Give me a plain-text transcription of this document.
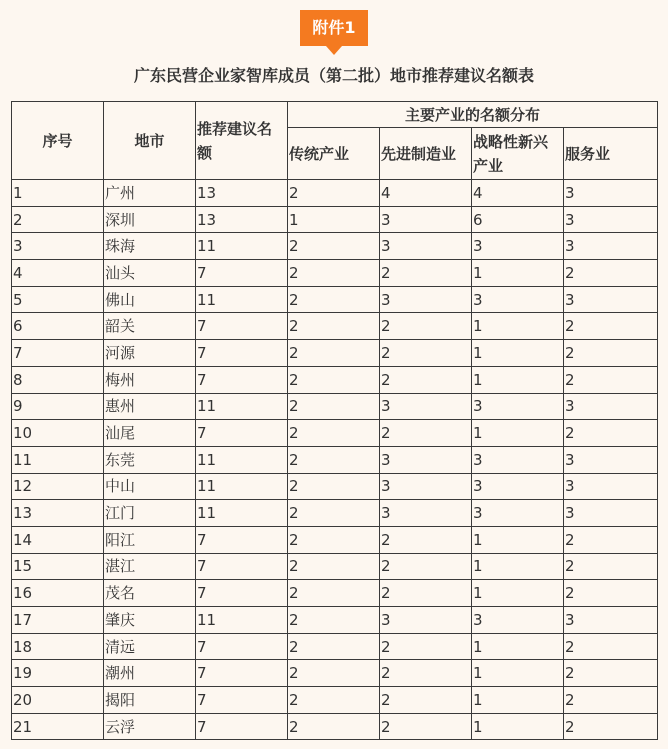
附件1
广东民营企业家智库成员（第二批）地市推荐建议名额表
序号	地市	推荐建议名额	主要产业的名额分布			
			传统产业	先进制造业	战略性新兴产业	服务业
1	广州	13	2	4	4	3
2	深圳	13	1	3	6	3
3	珠海	11	2	3	3	3
4	汕头	7	2	2	1	2
5	佛山	11	2	3	3	3
6	韶关	7	2	2	1	2
7	河源	7	2	2	1	2
8	梅州	7	2	2	1	2
9	惠州	11	2	3	3	3
10	汕尾	7	2	2	1	2
11	东莞	11	2	3	3	3
12	中山	11	2	3	3	3
13	江门	11	2	3	3	3
14	阳江	7	2	2	1	2
15	湛江	7	2	2	1	2
16	茂名	7	2	2	1	2
17	肇庆	11	2	3	3	3
18	清远	7	2	2	1	2
19	潮州	7	2	2	1	2
20	揭阳	7	2	2	1	2
21	云浮	7	2	2	1	2
